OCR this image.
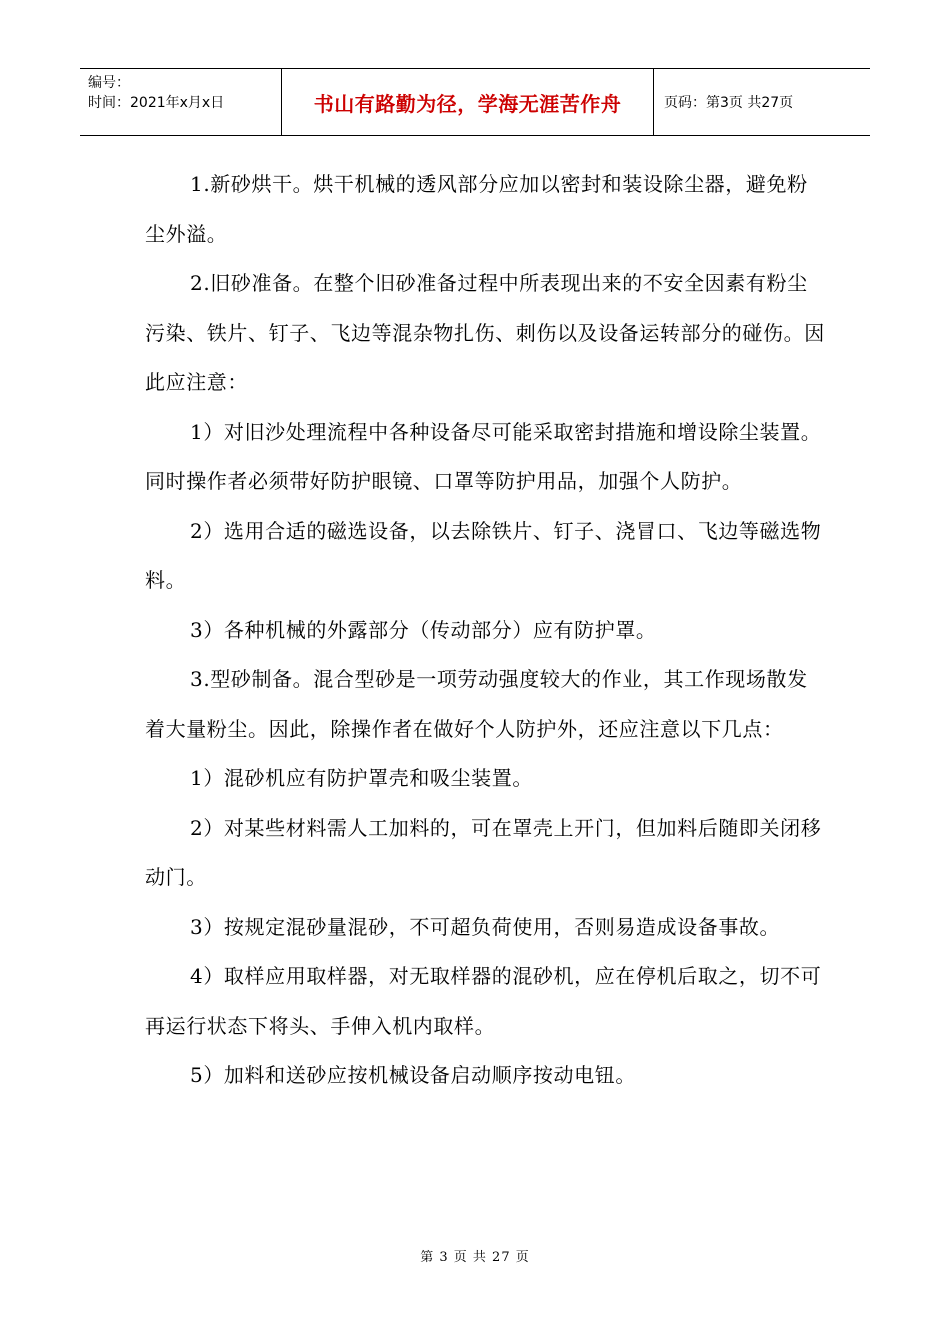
编号：
时间：2021年x月x日	书山有路勤为径，学海无涯苦作舟	页码：第3页 共27页

1.新砂烘干。烘干机械的透风部分应加以密封和装设除尘器，避免粉尘外溢。

2.旧砂准备。在整个旧砂准备过程中所表现出来的不安全因素有粉尘污染、铁片、钉子、飞边等混杂物扎伤、刺伤以及设备运转部分的碰伤。因此应注意：

1）对旧沙处理流程中各种设备尽可能采取密封措施和增设除尘装置。同时操作者必须带好防护眼镜、口罩等防护用品，加强个人防护。

2）选用合适的磁选设备，以去除铁片、钉子、浇冒口、飞边等磁选物料。

3）各种机械的外露部分（传动部分）应有防护罩。

3.型砂制备。混合型砂是一项劳动强度较大的作业，其工作现场散发着大量粉尘。因此，除操作者在做好个人防护外，还应注意以下几点：

1）混砂机应有防护罩壳和吸尘装置。

2）对某些材料需人工加料的，可在罩壳上开门，但加料后随即关闭移动门。

3）按规定混砂量混砂，不可超负荷使用，否则易造成设备事故。

4）取样应用取样器，对无取样器的混砂机，应在停机后取之，切不可再运行状态下将头、手伸入机内取样。

5）加料和送砂应按机械设备启动顺序按动电钮。

第 3 页 共 27 页
